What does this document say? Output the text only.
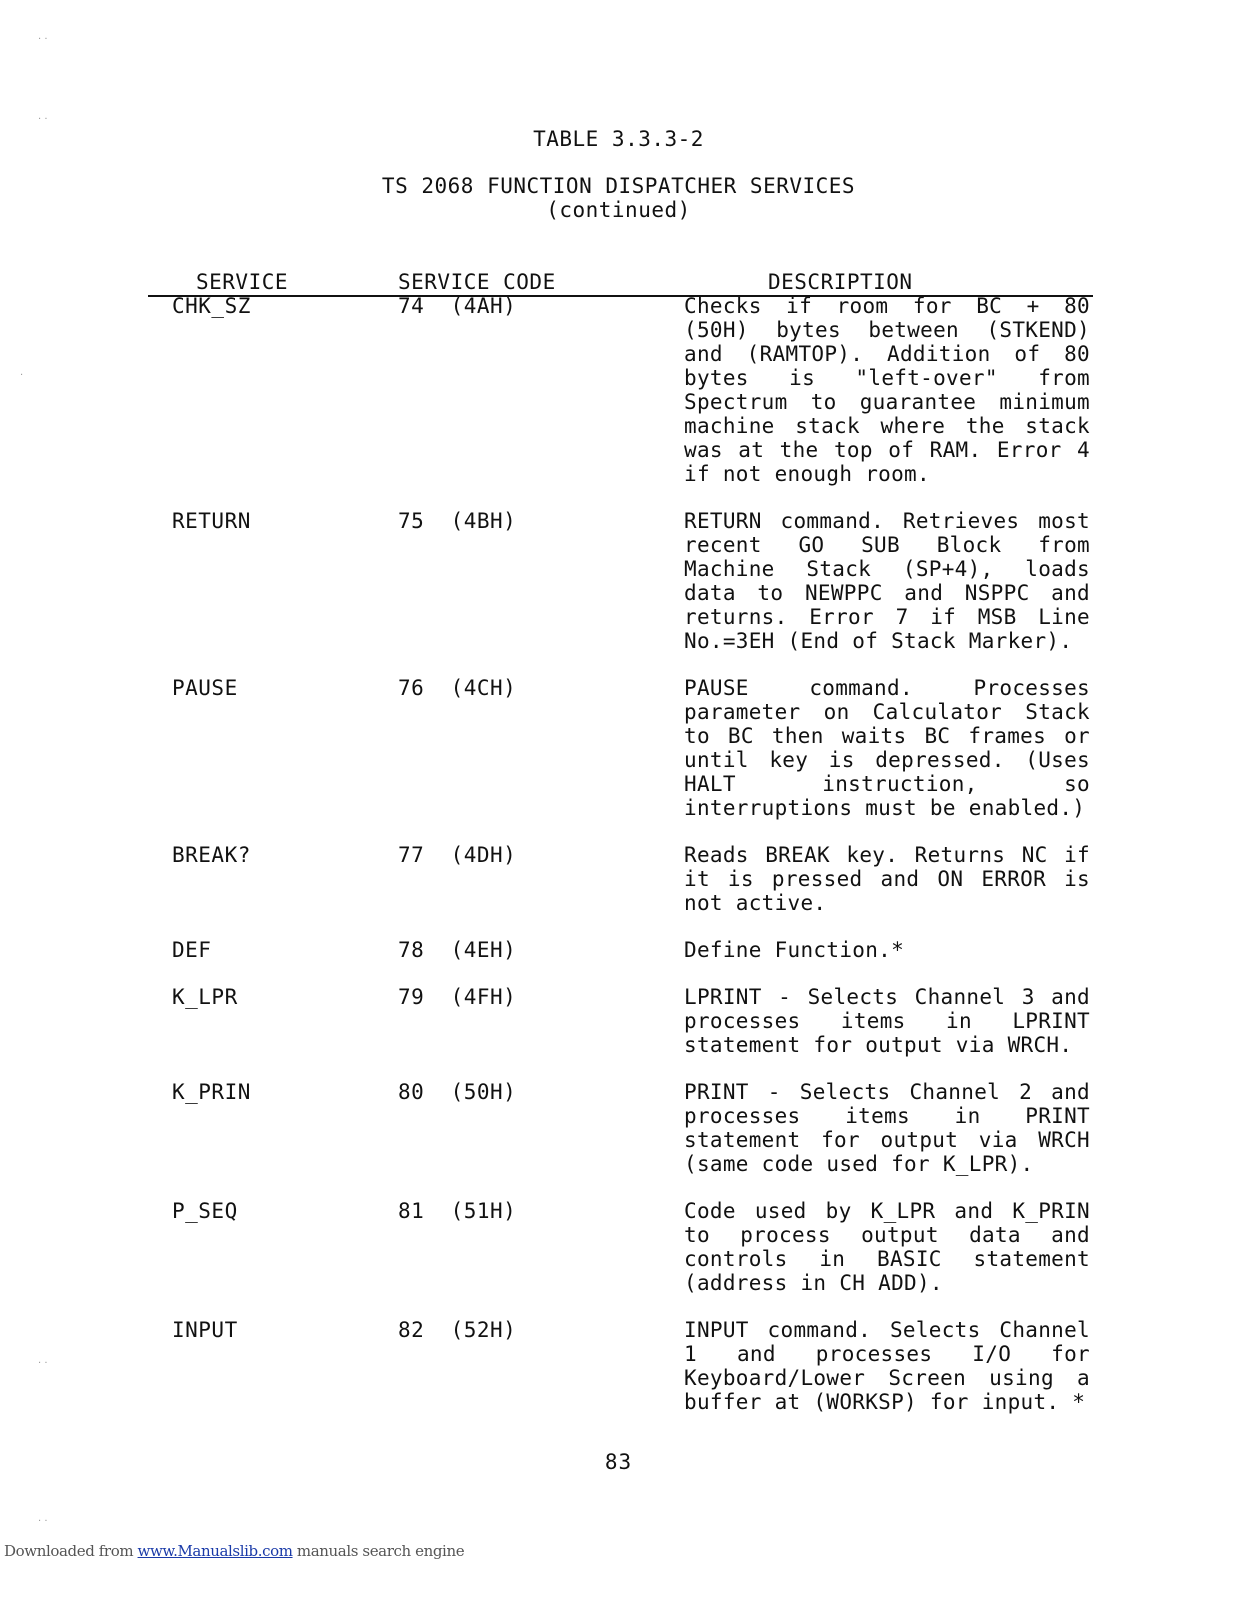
· ·
· ·
·
· ·
· ·
TABLE 3.3.3-2
TS 2068 FUNCTION DISPATCHER SERVICES
(continued)
SERVICE	SERVICE CODE	DESCRIPTION
CHK_SZ	74  (4AH)	Checks if room for BC + 80 (50H) bytes between (STKEND) and (RAMTOP). Addition of 80 bytes is "left-over" from Spectrum to guarantee minimum machine stack where the stack was at the top of RAM. Error 4 if not enough room.
RETURN	75  (4BH)	RETURN command. Retrieves most recent GO SUB Block from Machine Stack (SP+4), loads data to NEWPPC and NSPPC and returns. Error 7 if MSB Line No.=3EH (End of Stack Marker).
PAUSE	76  (4CH)	PAUSE command. Processes parameter on Calculator Stack to BC then waits BC frames or until key is depressed. (Uses HALT instruction, so interruptions must be enabled.)
BREAK?	77  (4DH)	Reads BREAK key. Returns NC if it is pressed and ON ERROR is not active.
DEF	78  (4EH)	Define Function.*
K_LPR	79  (4FH)	LPRINT - Selects Channel 3 and processes items in LPRINT statement for output via WRCH.
K_PRIN	80  (50H)	PRINT - Selects Channel 2 and processes items in PRINT statement for output via WRCH (same code used for K_LPR).
P_SEQ	81  (51H)	Code used by K_LPR and K_PRIN to process output data and controls in BASIC statement (address in CH ADD).
INPUT	82  (52H)	INPUT command. Selects Channel 1 and processes I/O for Keyboard/Lower Screen using a buffer at (WORKSP) for input. *
83
Downloaded from www.Manualslib.com manuals search engine
